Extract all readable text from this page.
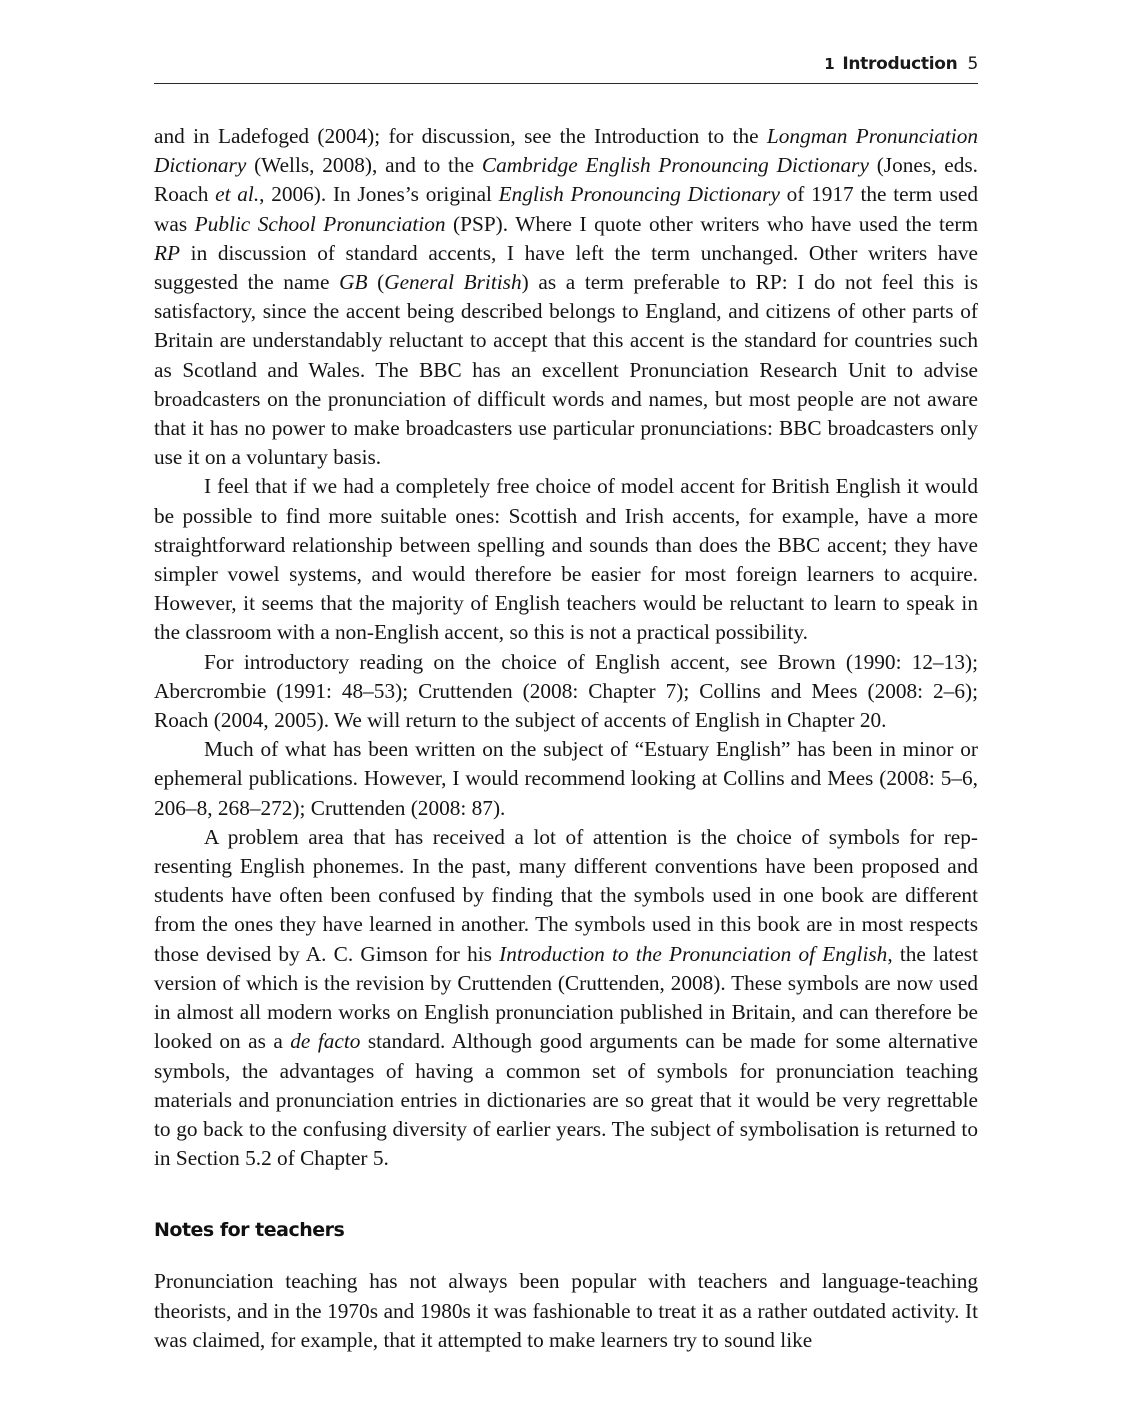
1 Introduction 5

and in Ladefoged (2004); for discussion, see the Introduction to the Longman Pronunciation Dictionary (Wells, 2008), and to the Cambridge English Pronouncing Dictionary (Jones, eds. Roach et al., 2006). In Jones’s original English Pronouncing Dictionary of 1917 the term used was Public School Pronunciation (PSP). Where I quote other writers who have used the term RP in discussion of standard accents, I have left the term unchanged. Other writers have suggested the name GB (General British) as a term preferable to RP: I do not feel this is satisfactory, since the accent being described belongs to England, and citizens of other parts of Britain are understandably reluctant to accept that this accent is the standard for countries such as Scotland and Wales. The BBC has an excellent Pronunciation Research Unit to advise broadcasters on the pronunciation of difficult words and names, but most people are not aware that it has no power to make broadcasters use particular pronunciations: BBC broadcasters only use it on a voluntary basis.

I feel that if we had a completely free choice of model accent for British English it would be possible to find more suitable ones: Scottish and Irish accents, for example, have a more straightforward relationship between spelling and sounds than does the BBC accent; they have simpler vowel systems, and would therefore be easier for most foreign learners to acquire. However, it seems that the majority of English teachers would be reluctant to learn to speak in the classroom with a non-English accent, so this is not a practical possibility.

For introductory reading on the choice of English accent, see Brown (1990: 12–13); Abercrombie (1991: 48–53); Cruttenden (2008: Chapter 7); Collins and Mees (2008: 2–6); Roach (2004, 2005). We will return to the subject of accents of English in Chapter 20.

Much of what has been written on the subject of “Estuary English” has been in minor or ephemeral publications. However, I would recommend looking at Collins and Mees (2008: 5–6, 206–8, 268–272); Cruttenden (2008: 87).

A problem area that has received a lot of attention is the choice of symbols for representing English phonemes. In the past, many different conventions have been proposed and students have often been confused by finding that the symbols used in one book are different from the ones they have learned in another. The symbols used in this book are in most respects those devised by A. C. Gimson for his Introduction to the Pronunciation of English, the latest version of which is the revision by Cruttenden (Cruttenden, 2008). These symbols are now used in almost all modern works on English pronunciation published in Britain, and can therefore be looked on as a de facto standard. Although good arguments can be made for some alternative symbols, the advantages of having a common set of symbols for pronunciation teaching materials and pronunciation entries in dictionaries are so great that it would be very regrettable to go back to the confusing diversity of earlier years. The subject of symbolisation is returned to in Section 5.2 of Chapter 5.

Notes for teachers

Pronunciation teaching has not always been popular with teachers and language-teaching theorists, and in the 1970s and 1980s it was fashionable to treat it as a rather outdated activity. It was claimed, for example, that it attempted to make learners try to sound like
